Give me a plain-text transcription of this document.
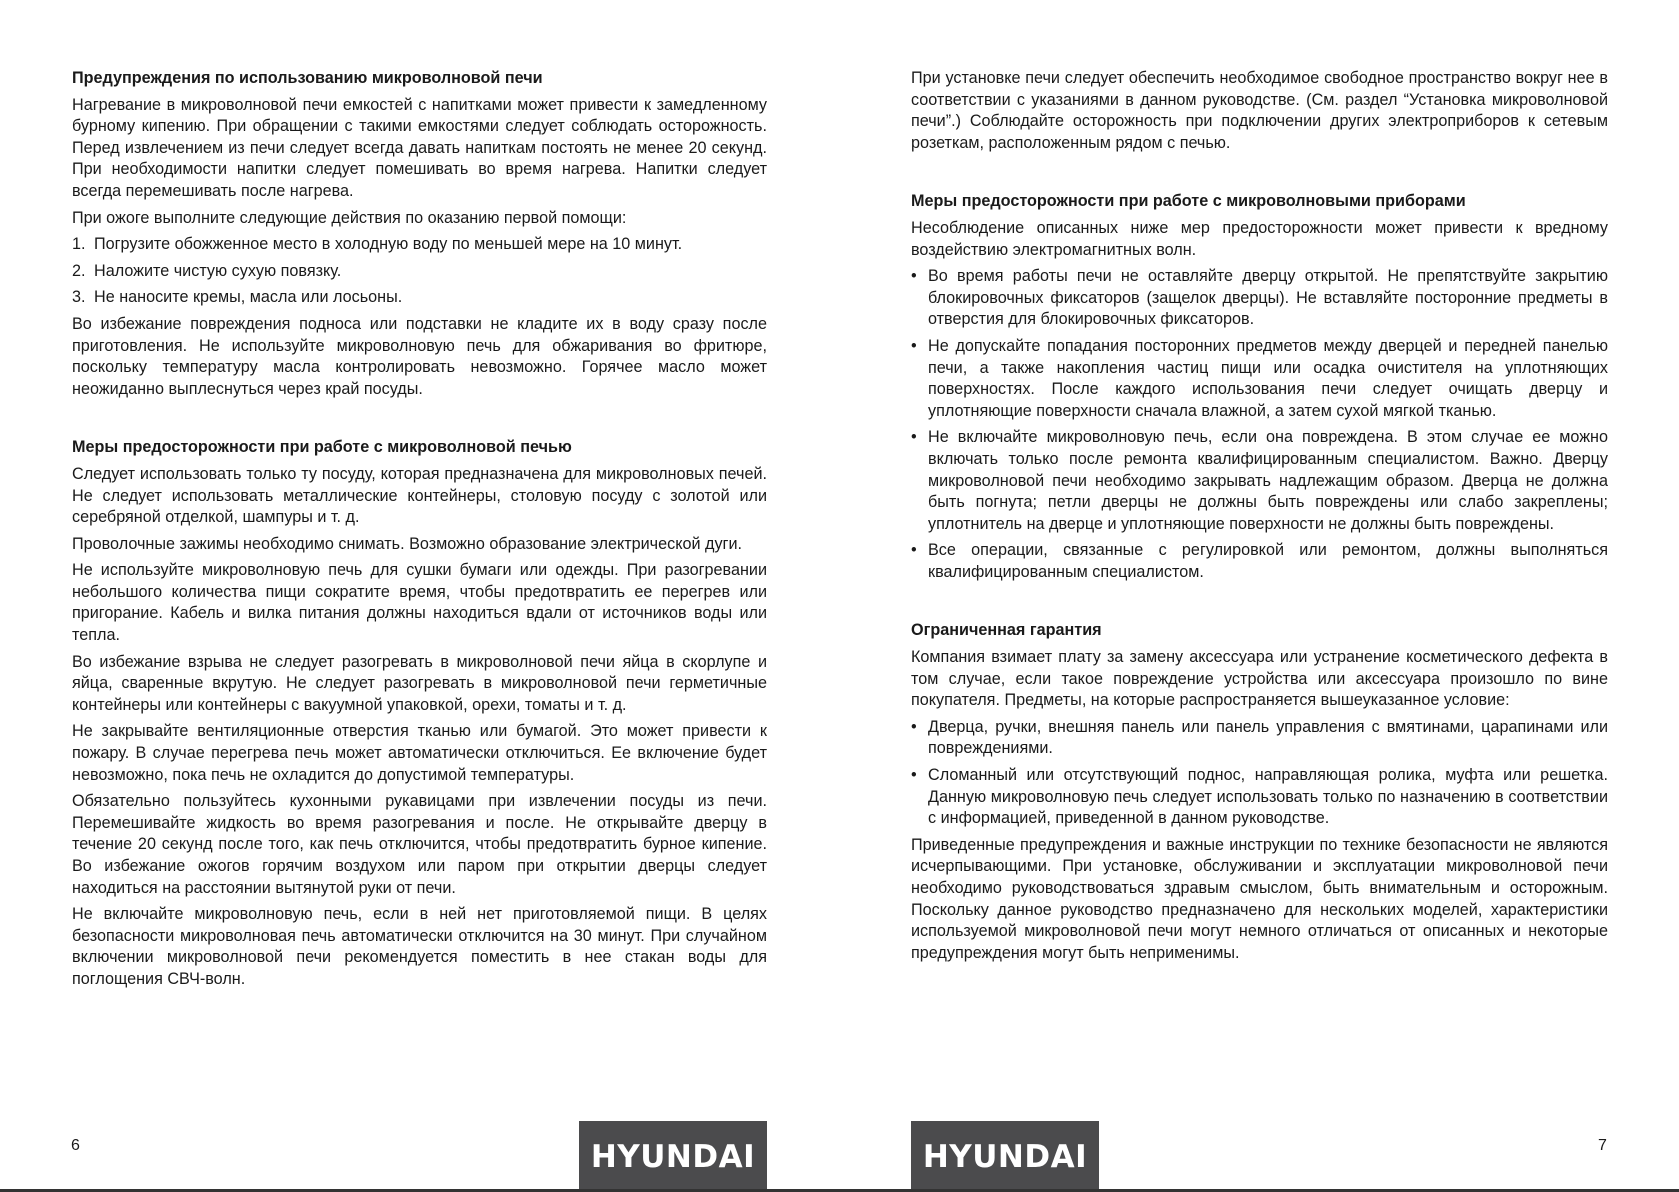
Предупреждения по использованию микроволновой печи

Нагревание в микроволновой печи емкостей с напитками может привести к замедленному бурному кипению. При обращении с такими емкостями следует соблюдать осторожность. Перед извлечением из печи следует всегда давать напиткам постоять не менее 20 секунд. При необходимости напитки следует помешивать во время нагрева. Напитки следует всегда перемешивать после нагрева.

При ожоге выполните следующие действия по оказанию первой помощи:

1. Погрузите обожженное место в холодную воду по меньшей мере на 10 минут.
2. Наложите чистую сухую повязку.
3. Не наносите кремы, масла или лосьоны.

Во избежание повреждения подноса или подставки не кладите их в воду сразу после приготовления. Не используйте микроволновую печь для обжаривания во фритюре, поскольку температуру масла контролировать невозможно. Горячее масло может неожиданно выплеснуться через край посуды.

Меры предосторожности при работе с микроволновой печью

Следует использовать только ту посуду, которая предназначена для микроволновых печей. Не следует использовать металлические контейнеры, столовую посуду с золотой или серебряной отделкой, шампуры и т. д.

Проволочные зажимы необходимо снимать. Возможно образование электрической дуги.

Не используйте микроволновую печь для сушки бумаги или одежды. При разогревании небольшого количества пищи сократите время, чтобы предотвратить ее перегрев или пригорание. Кабель и вилка питания должны находиться вдали от источников воды или тепла.

Во избежание взрыва не следует разогревать в микроволновой печи яйца в скорлупе и яйца, сваренные вкрутую. Не следует разогревать в микроволновой печи герметичные контейнеры или контейнеры с вакуумной упаковкой, орехи, томаты и т. д.

Не закрывайте вентиляционные отверстия тканью или бумагой. Это может привести к пожару. В случае перегрева печь может автоматически отключиться. Ее включение будет невозможно, пока печь не охладится до допустимой температуры.

Обязательно пользуйтесь кухонными рукавицами при извлечении посуды из печи. Перемешивайте жидкость во время разогревания и после. Не открывайте дверцу в течение 20 секунд после того, как печь отключится, чтобы предотвратить бурное кипение. Во избежание ожогов горячим воздухом или паром при открытии дверцы следует находиться на расстоянии вытянутой руки от печи.

Не включайте микроволновую печь, если в ней нет приготовляемой пищи. В целях безопасности микроволновая печь автоматически отключится на 30 минут. При случайном включении микроволновой печи рекомендуется поместить в нее стакан воды для поглощения СВЧ-волн.

6	HYUNDAI

При установке печи следует обеспечить необходимое свободное пространство вокруг нее в соответствии с указаниями в данном руководстве. (См. раздел “Установка микроволновой печи”.) Соблюдайте осторожность при подключении других электроприборов к сетевым розеткам, расположенным рядом с печью.

Меры предосторожности при работе с микроволновыми приборами

Несоблюдение описанных ниже мер предосторожности может привести к вредному воздействию электромагнитных волн.

• Во время работы печи не оставляйте дверцу открытой. Не препятствуйте закрытию блокировочных фиксаторов (защелок дверцы). Не вставляйте посторонние предметы в отверстия для блокировочных фиксаторов.
• Не допускайте попадания посторонних предметов между дверцей и передней панелью печи, а также накопления частиц пищи или осадка очистителя на уплотняющих поверхностях. После каждого использования печи следует очищать дверцу и уплотняющие поверхности сначала влажной, а затем сухой мягкой тканью.
• Не включайте микроволновую печь, если она повреждена. В этом случае ее можно включать только после ремонта квалифицированным специалистом. Важно. Дверцу микроволновой печи необходимо закрывать надлежащим образом. Дверца не должна быть погнута; петли дверцы не должны быть повреждены или слабо закреплены; уплотнитель на дверце и уплотняющие поверхности не должны быть повреждены.
• Все операции, связанные с регулировкой или ремонтом, должны выполняться квалифицированным специалистом.
Ограниченная гарантия

Компания взимает плату за замену аксессуара или устранение косметического дефекта в том случае, если такое повреждение устройства или аксессуара произошло по вине покупателя. Предметы, на которые распространяется вышеуказанное условие:

• Дверца, ручки, внешняя панель или панель управления с вмятинами, царапинами или повреждениями.
• Сломанный или отсутствующий поднос, направляющая ролика, муфта или решетка. Данную микроволновую печь следует использовать только по назначению в соответствии с информацией, приведенной в данном руководстве.

Приведенные предупреждения и важные инструкции по технике безопасности не являются исчерпывающими. При установке, обслуживании и эксплуатации микроволновой печи необходимо руководствоваться здравым смыслом, быть внимательным и осторожным. Поскольку данное руководство предназначено для нескольких моделей, характеристики используемой микроволновой печи могут немного отличаться от описанных и некоторые предупреждения могут быть неприменимы.

7
HYUNDAI
